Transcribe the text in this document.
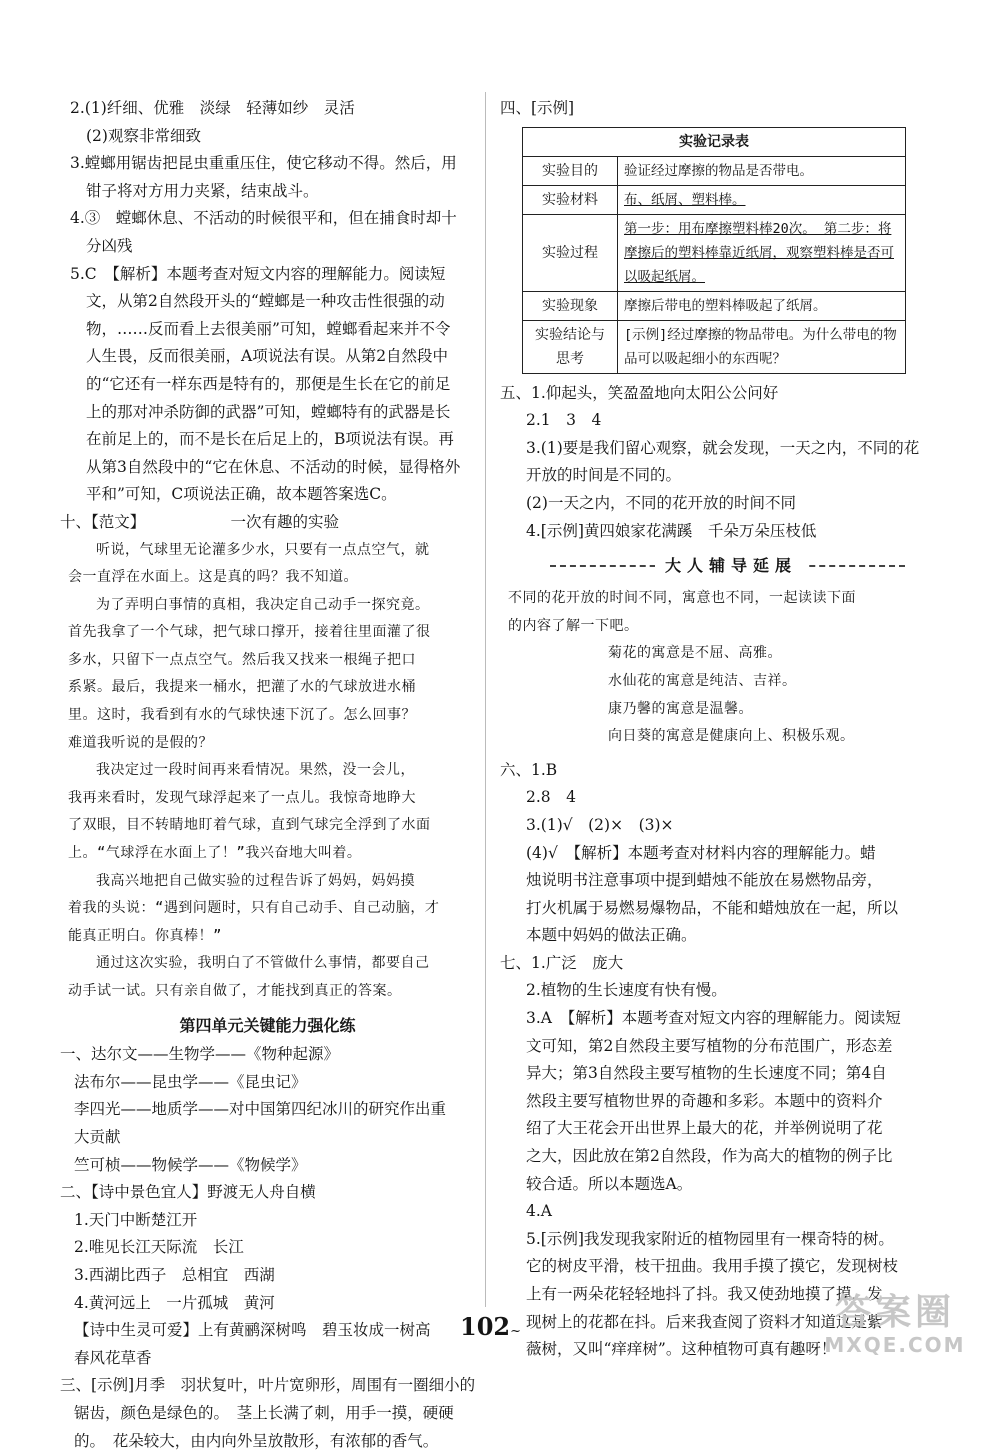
2.(1)纤细、优雅　淡绿　轻薄如纱　灵活
(2)观察非常细致
3.螳螂用锯齿把昆虫重重压住，使它移动不得。然后，用
钳子将对方用力夹紧，结束战斗。
4.③　螳螂休息、不活动的时候很平和，但在捕食时却十
分凶残
5.C　【解析】本题考查对短文内容的理解能力。阅读短
文，从第2自然段开头的“螳螂是一种攻击性很强的动
物，……反而看上去很美丽”可知，螳螂看起来并不令
人生畏，反而很美丽，A项说法有误。从第2自然段中
的“它还有一样东西是特有的，那便是生长在它的前足
上的那对冲杀防御的武器”可知，螳螂特有的武器是长
在前足上的，而不是长在后足上的，B项说法有误。再
从第3自然段中的“它在休息、不活动的时候，显得格外
平和”可知，C项说法正确，故本题答案选C。
十、【范文】　　　　　　一次有趣的实验
听说，气球里无论灌多少水，只要有一点点空气，就
会一直浮在水面上。这是真的吗？我不知道。
为了弄明白事情的真相，我决定自己动手一探究竟。
首先我拿了一个气球，把气球口撑开，接着往里面灌了很
多水，只留下一点点空气。然后我又找来一根绳子把口
系紧。最后，我提来一桶水，把灌了水的气球放进水桶
里。这时，我看到有水的气球快速下沉了。怎么回事？
难道我听说的是假的？
我决定过一段时间再来看情况。果然，没一会儿，
我再来看时，发现气球浮起来了一点儿。我惊奇地睁大
了双眼，目不转睛地盯着气球，直到气球完全浮到了水面
上。“气球浮在水面上了！”我兴奋地大叫着。
我高兴地把自己做实验的过程告诉了妈妈，妈妈摸
着我的头说：“遇到问题时，只有自己动手、自己动脑，才
能真正明白。你真棒！”
通过这次实验，我明白了不管做什么事情，都要自己
动手试一试。只有亲自做了，才能找到真正的答案。
第四单元关键能力强化练
一、达尔文——生物学——《物种起源》
法布尔——昆虫学——《昆虫记》
李四光——地质学——对中国第四纪冰川的研究作出重
大贡献
竺可桢——物候学——《物候学》
二、【诗中景色宜人】野渡无人舟自横
1.天门中断楚江开
2.唯见长江天际流　长江
3.西湖比西子　总相宜　西湖
4.黄河远上　一片孤城　黄河
【诗中生灵可爱】上有黄鹂深树鸣　碧玉妆成一树高
春风花草香
三、[示例]月季　羽状复叶，叶片宽卵形，周围有一圈细小的
锯齿，颜色是绿色的。　茎上长满了刺，用手一摸，硬硬
的。　花朵较大，由内向外呈放散形，有浓郁的香气。
四、[示例]
实验记录表	
实验目的	验证经过摩擦的物品是否带电。
实验材料	布、纸屑、塑料棒。
实验过程	第一步：用布摩擦塑料棒20次。 第二步：将摩擦后的塑料棒靠近纸屑，观察塑料棒是否可以吸起纸屑。
实验现象	摩擦后带电的塑料棒吸起了纸屑。
实验结论与思考	[示例]经过摩擦的物品带电。为什么带电的物品可以吸起细小的东西呢？
五、1.仰起头，笑盈盈地向太阳公公问好
2.1　3　4
3.(1)要是我们留心观察，就会发现，一天之内，不同的花
开放的时间是不同的。
(2)一天之内，不同的花开放的时间不同
4.[示例]黄四娘家花满蹊　千朵万朵压枝低
大人辅导延展
不同的花开放的时间不同，寓意也不同，一起读读下面
的内容了解一下吧。
菊花的寓意是不屈、高雅。
水仙花的寓意是纯洁、吉祥。
康乃馨的寓意是温馨。
向日葵的寓意是健康向上、积极乐观。
六、1.B
2.8　4
3.(1)√　(2)×　(3)×
(4)√　【解析】本题考查对材料内容的理解能力。蜡
烛说明书注意事项中提到蜡烛不能放在易燃物品旁，
打火机属于易燃易爆物品，不能和蜡烛放在一起，所以
本题中妈妈的做法正确。
七、1.广泛　庞大
2.植物的生长速度有快有慢。
3.A　【解析】本题考查对短文内容的理解能力。阅读短
文可知，第2自然段主要写植物的分布范围广，形态差
异大；第3自然段主要写植物的生长速度不同；第4自
然段主要写植物世界的奇趣和多彩。本题中的资料介
绍了大王花会开出世界上最大的花，并举例说明了花
之大，因此放在第2自然段，作为高大的植物的例子比
较合适。所以本题选A。
4.A
5.[示例]我发现我家附近的植物园里有一棵奇特的树。
它的树皮平滑，枝干扭曲。我用手摸了摸它，发现树枝
上有一两朵花轻轻地抖了抖。我又使劲地摸了摸，发
现树上的花都在抖。后来我查阅了资料才知道这是紫
薇树，又叫“痒痒树”。这种植物可真有趣呀！
102~	答案圈
MXQE.COM
